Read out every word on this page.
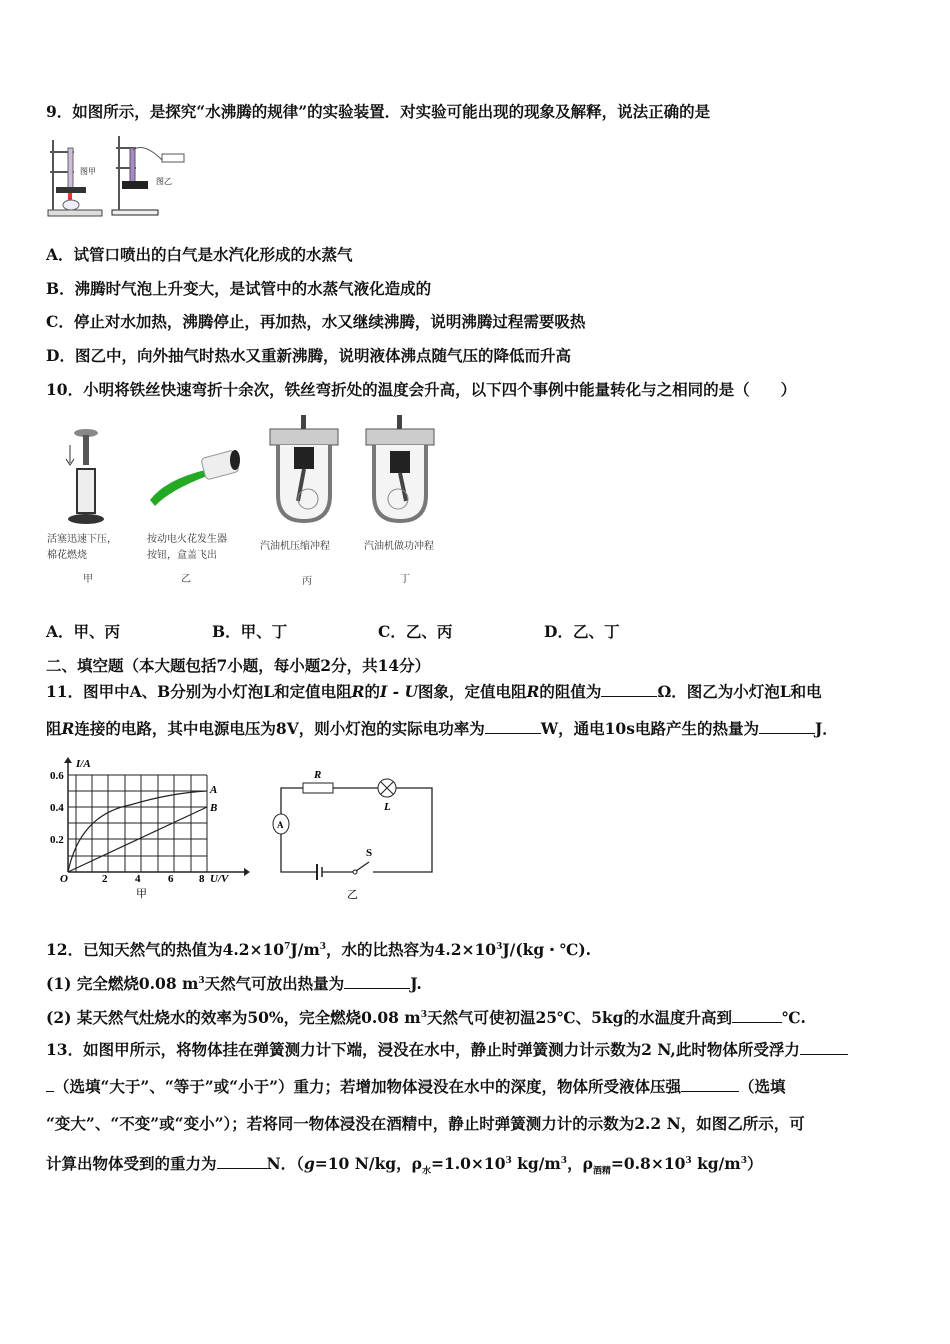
9．如图所示，是探究“水沸腾的规律”的实验装置．对实验可能出现的现象及解释，说法正确的是
图甲
图乙
A．试管口喷出的白气是水汽化形成的水蒸气
B．沸腾时气泡上升变大，是试管中的水蒸气液化造成的
C．停止对水加热，沸腾停止，再加热，水又继续沸腾，说明沸腾过程需要吸热
D．图乙中，向外抽气时热水又重新沸腾，说明液体沸点随气压的降低而升高
10．小明将铁丝快速弯折十余次，铁丝弯折处的温度会升高，以下四个事例中能量转化与之相同的是（　　）
活塞迅速下压，
棉花燃烧
按动电火花发生器
按钮，盒盖飞出
汽油机压缩冲程	汽油机做功冲程
甲	乙	丙	丁
A．甲、丙	B．甲、丁	C．乙、丙	D．乙、丁
二、填空题（本大题包括7小题，每小题2分，共14分）
11．图甲中A、B分别为小灯泡L和定值电阻R的I - U图象，定值电阻R的阻值为	Ω．图乙为小灯泡L和电
阻R连接的电路，其中电源电压为8V，则小灯泡的实际电功率为	W，通电10s电路产生的热量为	J．
I/A
0.6
0.4
0.2
O	2	4	6 8 U/V
A
B
甲
R
L
A
S
乙
12．已知天然气的热值为$4.2\times 10^7J/m^3$，水的比热容为$4.2\times 10^3J/(kg$・℃).
(1) 完全燃烧0.08 $m^3$天然气可放出热量为	J.
(2) 某天然气灶烧水的效率为50%，完全燃烧0.08 $m^3$天然气可使初温25℃、5kg的水温度升高到	℃.
13．如图甲所示，将物体挂在弹簧测力计下端，浸没在水中，静止时弹簧测力计示数为2 N,此时物体所受浮力
（选填“大于”、“等于”或“小于”）重力；若增加物体浸没在水中的深度，物体所受液体压强	（选填
“变大”、“不变”或“变小”）；若将同一物体浸没在酒精中，静止时弹簧测力计的示数为2.2 N，如图乙所示，可
计算出物体受到的重力为	N．（g=10 N/kg，$\rho_水=1.0\times 10^3$ $kg/m^3$，$\rho_{酒精}=0.8\times 10^3$ $kg/m^3$）
